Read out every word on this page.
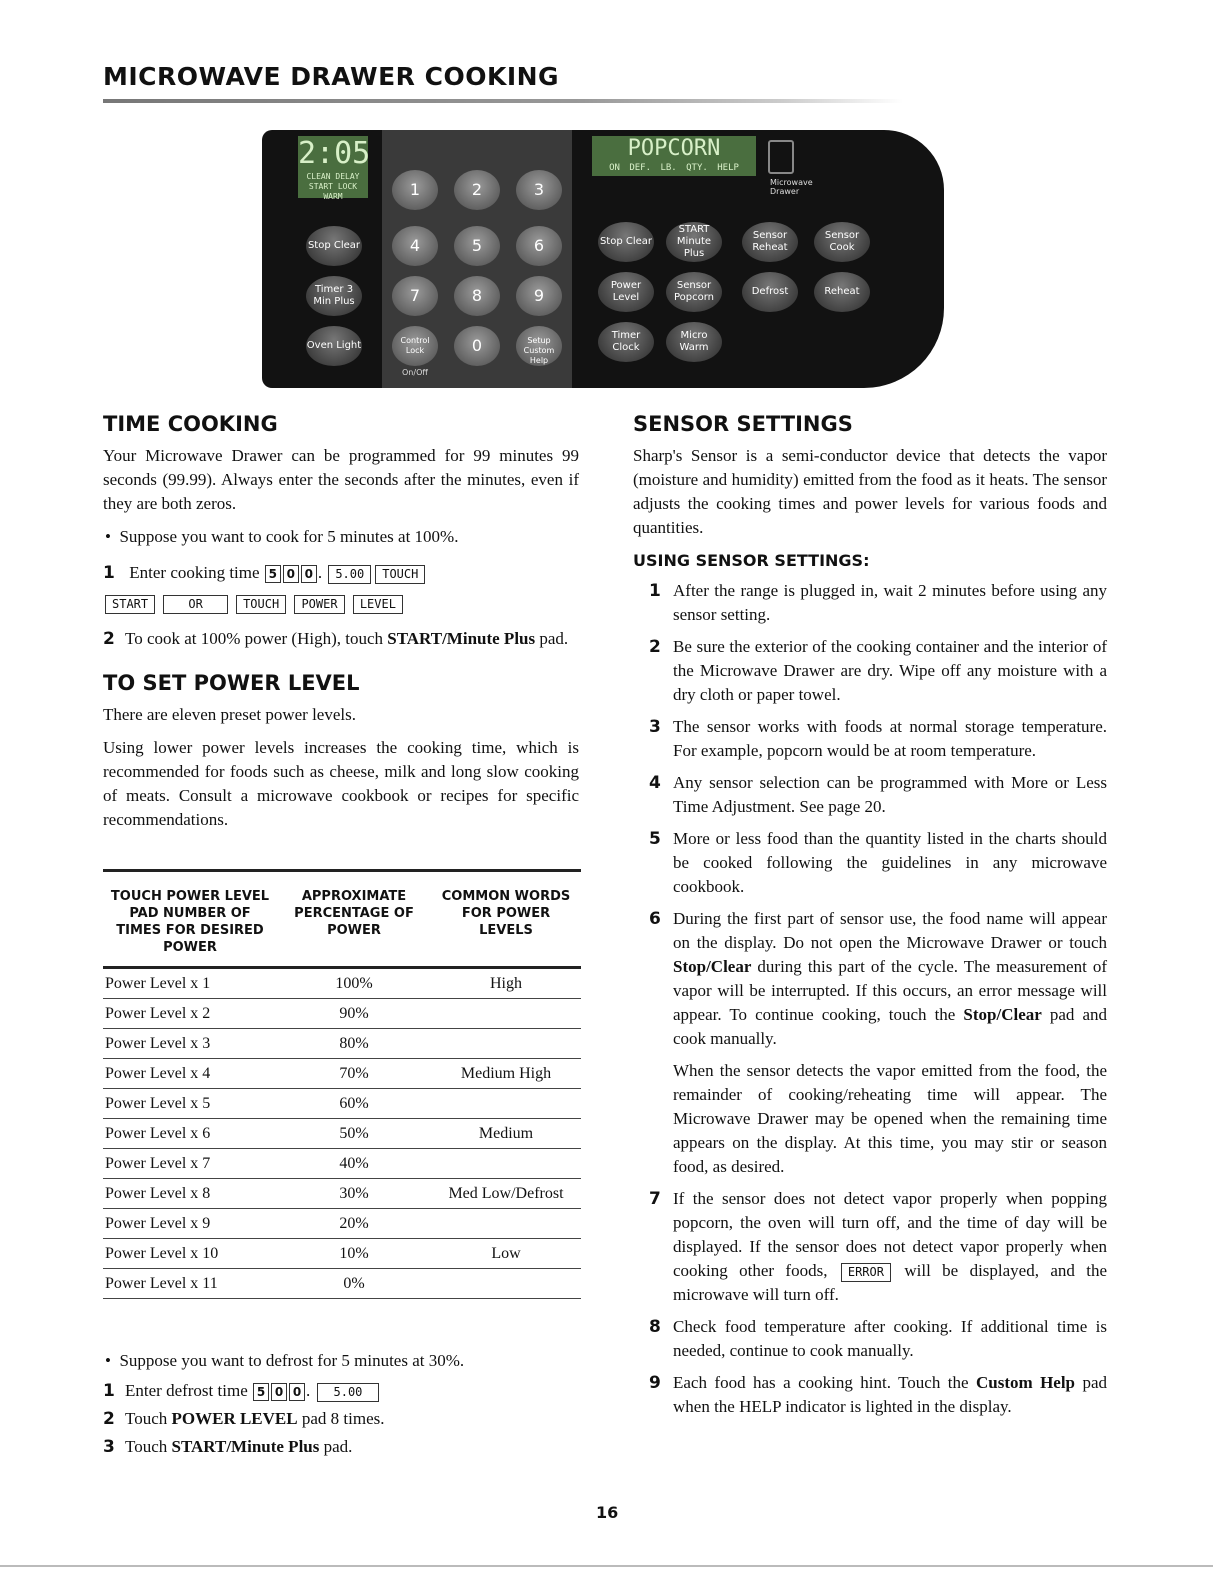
MICROWAVE DRAWER COOKING
2:05
CLEAN DELAY
START LOCK WARM
Stop Clear
Timer 3 Min Plus
Oven Light
1	2	3
4	5	6
7	8	9
Control Lock	0	Setup Custom Help
On/Off
POPCORN
ON DEF. LB. QTY. HELP
Microwave Drawer
Stop Clear
START Minute Plus
Sensor Reheat
Sensor Cook
Power Level
Sensor Popcorn
Defrost	Reheat
Timer Clock
Micro Warm
TIME COOKING

Your Microwave Drawer can be programmed for 99 minutes 99 seconds (99.99). Always enter the seconds after the minutes, even if they are both zeros.

•  Suppose you want to cook for 5 minutes at 100%.

1 Enter cooking time 5 0 0 . 5.00 TOUCH
START	OR	TOUCH POWER LEVEL

2 To cook at 100% power (High), touch START/Minute Plus pad.

TO SET POWER LEVEL

There are eleven preset power levels.

Using lower power levels increases the cooking time, which is recommended for foods such as cheese, milk and long slow cooking of meats. Consult a microwave cookbook or recipes for specific recommendations.

TOUCH POWER LEVEL PAD NUMBER OF TIMES FOR DESIRED POWER	APPROXIMATE PERCENTAGE OF POWER	COMMON WORDS FOR POWER LEVELS
Power Level x 1	100%	High
Power Level x 2	90%	
Power Level x 3	80%	
Power Level x 4	70%	Medium High
Power Level x 5	60%	
Power Level x 6	50%	Medium
Power Level x 7	40%	
Power Level x 8	30%	Med Low/Defrost
Power Level x 9	20%	
Power Level x 10	10%	Low
Power Level x 11	0%	

•  Suppose you want to defrost for 5 minutes at 30%.

1 Enter defrost time 5 0 0 . 5.00

2 Touch POWER LEVEL pad 8 times.

3 Touch START/Minute Plus pad.

SENSOR SETTINGS

Sharp's Sensor is a semi-conductor device that detects the vapor (moisture and humidity) emitted from the food as it heats. The sensor adjusts the cooking times and power levels for various foods and quantities.

USING SENSOR SETTINGS:
1 After the range is plugged in, wait 2 minutes before using any sensor setting.
2 Be sure the exterior of the cooking container and the interior of the Microwave Drawer are dry. Wipe off any moisture with a dry cloth or paper towel.
3 The sensor works with foods at normal storage temperature. For example, popcorn would be at room temperature.
4 Any sensor selection can be programmed with More or Less Time Adjustment. See page 20.
5 More or less food than the quantity listed in the charts should be cooked following the guidelines in any microwave cookbook.
6 During the first part of sensor use, the food name will appear on the display. Do not open the Microwave Drawer or touch Stop/Clear during this part of the cycle. The measurement of vapor will be interrupted. If this occurs, an error message will appear. To continue cooking, touch the Stop/Clear pad and cook manually.

When the sensor detects the vapor emitted from the food, the remainder of cooking/reheating time will appear. The Microwave Drawer may be opened when the remaining time appears on the display. At this time, you may stir or season food, as desired.

7 If the sensor does not detect vapor properly when popping popcorn, the oven will turn off, and the time of day will be displayed. If the sensor does not detect vapor properly when cooking other foods, ERROR will be displayed, and the microwave will turn off.
8 Check food temperature after cooking. If additional time is needed, continue to cook manually.
9 Each food has a cooking hint. Touch the Custom Help pad when the HELP indicator is lighted in the display.
16
